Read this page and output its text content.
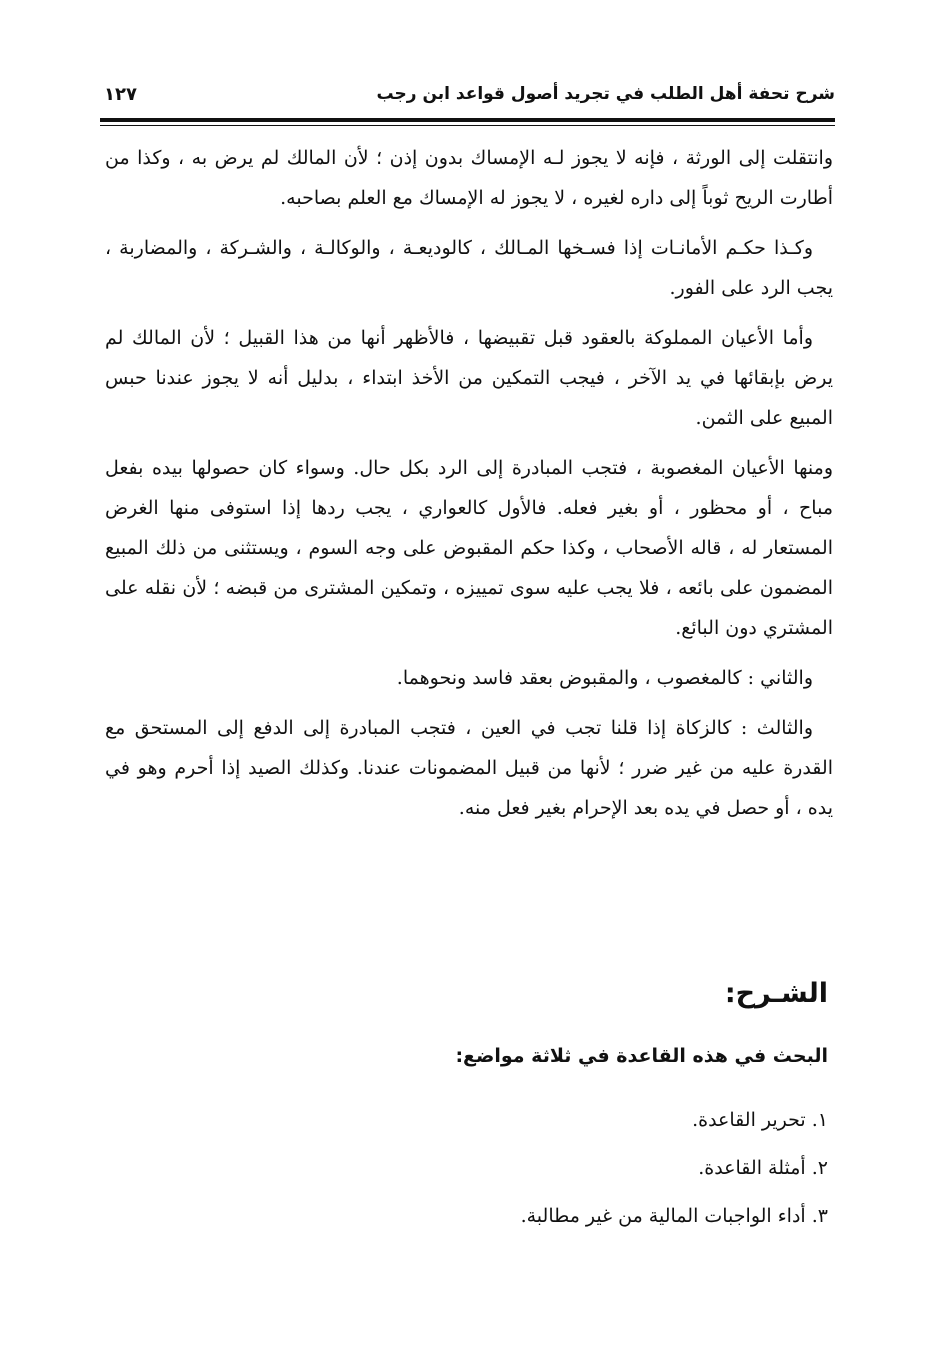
شرح تحفة أهل الطلب في تجريد أصول قواعد ابن رجب
١٢٧

وانتقلت إلى الورثة ، فإنه لا يجوز لـه الإمساك بدون إذن ؛ لأن المالك لم يرض به ، وكذا من أطارت الريح ثوباً إلى داره لغيره ، لا يجوز له الإمساك مع العلم بصاحبه.

وكـذا حكـم الأمانـات إذا فسـخها المـالك ، كالوديعـة ، والوكالـة ، والشـركة ، والمضاربة ، يجب الرد على الفور.

وأما الأعيان المملوكة بالعقود قبل تقبيضها ، فالأظهر أنها من هذا القبيل ؛ لأن المالك لم يرض بإبقائها في يد الآخر ، فيجب التمكين من الأخذ ابتداء ، بدليل أنه لا يجوز عندنا حبس المبيع على الثمن.

ومنها الأعيان المغصوبة ، فتجب المبادرة إلى الرد بكل حال. وسواء كان حصولها بيده بفعل مباح ، أو محظور ، أو بغير فعله. فالأول كالعواري ، يجب ردها إذا استوفى منها الغرض المستعار له ، قاله الأصحاب ، وكذا حكم المقبوض على وجه السوم ، ويستثنى من ذلك المبيع المضمون على بائعه ، فلا يجب عليه سوى تمييزه ، وتمكين المشترى من قبضه ؛ لأن نقله على المشتري دون البائع.

والثاني : كالمغصوب ، والمقبوض بعقد فاسد ونحوهما.

والثالث : كالزكاة إذا قلنا تجب في العين ، فتجب المبادرة إلى الدفع إلى المستحق مع القدرة عليه من غير ضرر ؛ لأنها من قبيل المضمونات عندنا. وكذلك الصيد إذا أحرم وهو في يده ، أو حصل في يده بعد الإحرام بغير فعل منه.

الشـرح:
البحث في هذه القاعدة في ثلاثة مواضع:
١. تحرير القاعدة.
٢. أمثلة القاعدة.
٣. أداء الواجبات المالية من غير مطالبة.
